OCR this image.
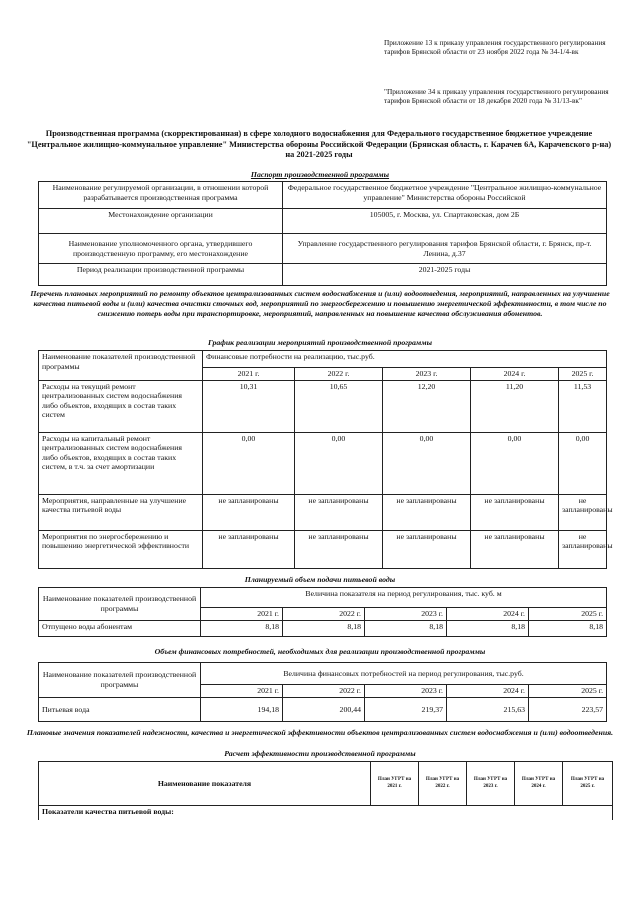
Приложение 13 к приказу управления государственного регулирования тарифов Брянской области от 23 ноября 2022 года № 34-1/4-вк
"Приложение 34 к приказу управления государственного регулирования тарифов Брянской области от 18 декабря 2020 года № 31/13-вк"
Производственная программа (скорректированная) в сфере холодного водоснабжения для Федерального государственное бюджетное учреждение "Центральное жилищно-коммунальное управление" Министерства обороны Российской Федерации (Брянская область, г. Карачев 6А, Карачевского р-на) на 2021-2025 годы
Паспорт производственной программы
Наименование регулируемой организации, в отношении которой разрабатывается производственная программа	Федеральное государственное бюджетное учреждение "Центральное жилищно-коммунальное управление" Министерства обороны Российской
Местонахождение организации	105005, г. Москва, ул. Спартаковская, дом 2Б
Наименование уполномоченного органа, утвердившего производственную программу, его местонахождение	Управление государственного регулирования тарифов Брянской области, г. Брянск, пр-т. Ленина, д.37
Период реализации производственной программы	2021-2025 годы
Перечень плановых мероприятий по ремонту объектов централизованных систем водоснабжения и (или) водоотведения, мероприятий, направленных на улучшение качества питьевой воды и (или) качества очистки сточных вод, мероприятий по энергосбережению и повышению энергетической эффективности, в том числе по снижению потерь воды при транспортировке, мероприятий, направленных на повышение качества обслуживания абонентов.
График реализации мероприятий производственной программы
Наименование показателей производственной программы	Финансовые потребности на реализацию, тыс.руб.				
	2021 г.	2022 г.	2023 г.	2024 г.	2025 г.
Расходы на текущий ремонт централизованных систем водоснабжения либо объектов, входящих в состав таких систем	10,31	10,65	12,20	11,20	11,53
Расходы на капитальный ремонт централизованных систем водоснабжения либо объектов, входящих в состав таких систем, в т.ч. за счет амортизации	0,00	0,00	0,00	0,00	0,00
Мероприятия, направленные на улучшение качества питьевой воды	не запланированы	не запланированы	не запланированы	не запланированы	не запланированы
Мероприятия по энергосбережению и повышению энергетической эффективности	не запланированы	не запланированы	не запланированы	не запланированы	не запланированы
Планируемый объем подачи питьевой воды
Наименование показателей производственной программы	Величина показателя на период регулирования, тыс. куб. м				
	2021 г.	2022 г.	2023 г.	2024 г.	2025 г.
Отпущено воды абонентам	8,18	8,18	8,18	8,18	8,18
Объем финансовых потребностей, необходимых для реализации производственной программы
Наименование показателей производственной программы	Величина финансовых потребностей на период регулирования, тыс.руб.				
	2021 г.	2022 г.	2023 г.	2024 г.	2025 г.
Питьевая вода	194,18	200,44	219,37	215,63	223,57
Плановые значения показателей надежности, качества и энергетической эффективности объектов централизованных систем водоснабжения и (или) водоотведения.
Расчет эффективности производственной программы
Наименование показателя	План УГРТ на 2021 г.	План УГРТ на 2022 г.	План УГРТ на 2023 г.	План УГРТ на 2024 г.	План УГРТ на 2025 г.
Показатели качества питьевой воды:
